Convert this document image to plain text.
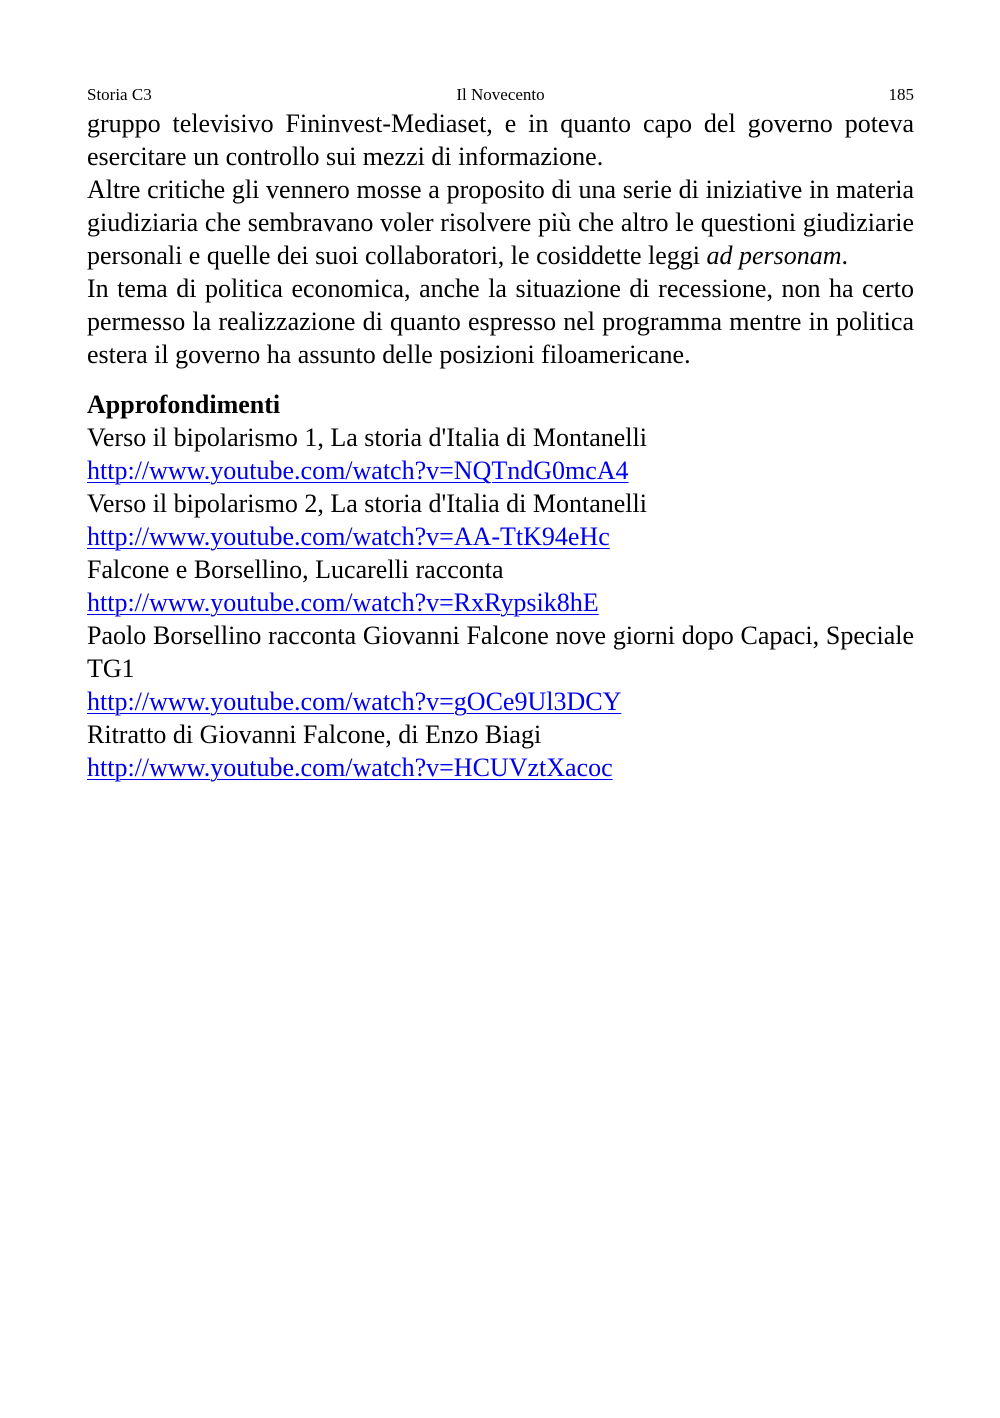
Storia C3	Il Novecento	185

gruppo televisivo Fininvest-Mediaset, e in quanto capo del governo poteva esercitare un controllo sui mezzi di informazione.

Altre critiche gli vennero mosse a proposito di una serie di iniziative in materia giudiziaria che sembravano voler risolvere più che altro le questioni giudiziarie personali e quelle dei suoi collaboratori, le cosiddette leggi ad personam.

In tema di politica economica, anche la situazione di recessione, non ha certo permesso la realizzazione di quanto espresso nel programma mentre in politica estera il governo ha assunto delle posizioni filoamericane.

Approfondimenti

Verso il bipolarismo 1, La storia d'Italia di Montanelli

http://www.youtube.com/watch?v=NQTndG0mcA4

Verso il bipolarismo 2, La storia d'Italia di Montanelli

http://www.youtube.com/watch?v=AA-TtK94eHc

Falcone e Borsellino, Lucarelli racconta

http://www.youtube.com/watch?v=RxRypsik8hE

Paolo Borsellino racconta Giovanni Falcone nove giorni dopo Capaci, Speciale TG1

http://www.youtube.com/watch?v=gOCe9Ul3DCY

Ritratto di Giovanni Falcone, di Enzo Biagi

http://www.youtube.com/watch?v=HCUVztXacoc
